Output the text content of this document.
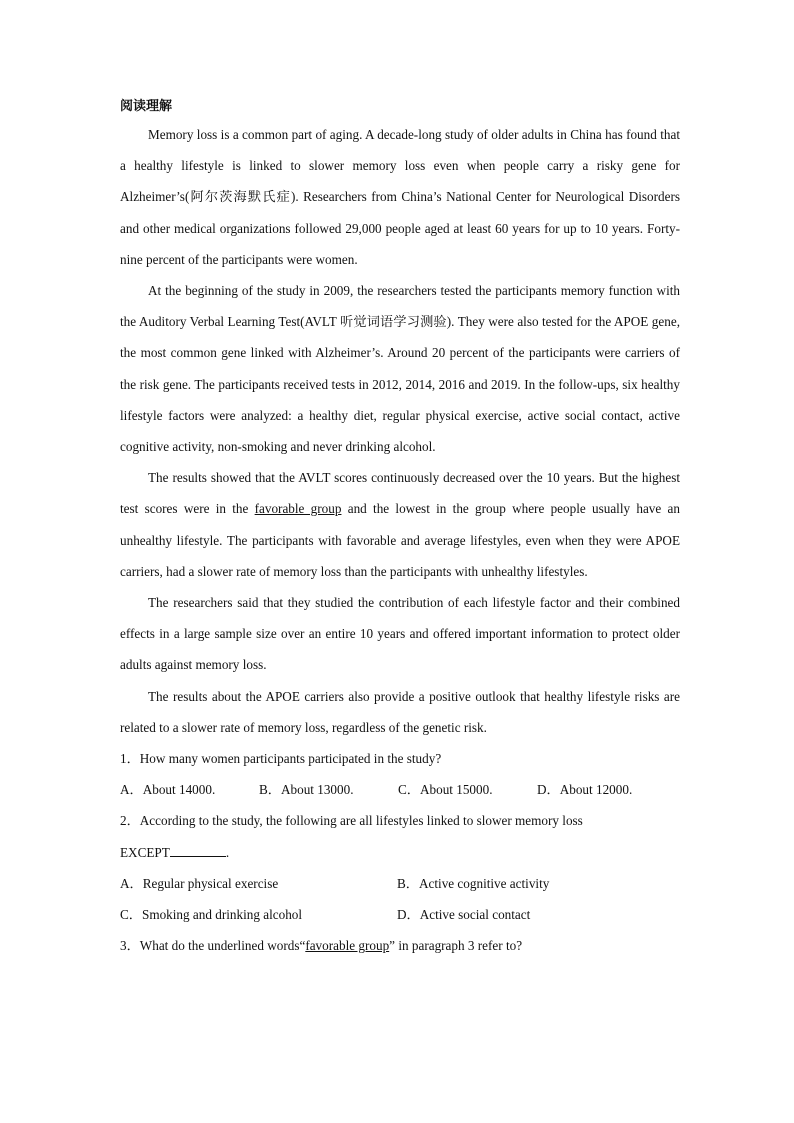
阅读理解

Memory loss is a common part of aging. A decade-long study of older adults in China has found that a healthy lifestyle is linked to slower memory loss even when people carry a risky gene for Alzheimer’s(阿尔茨海默氏症). Researchers from China’s National Center for Neurological Disorders and other medical organizations followed 29,000 people aged at least 60 years for up to 10 years. Forty-nine percent of the participants were women.

At the beginning of the study in 2009, the researchers tested the participants memory function with the Auditory Verbal Learning Test(AVLT 听觉词语学习测验). They were also tested for the APOE gene, the most common gene linked with Alzheimer’s. Around 20 percent of the participants were carriers of the risk gene. The participants received tests in 2012, 2014, 2016 and 2019. In the follow-ups, six healthy lifestyle factors were analyzed: a healthy diet, regular physical exercise, active social contact, active cognitive activity, non-smoking and never drinking alcohol.

The results showed that the AVLT scores continuously decreased over the 10 years. But the highest test scores were in the favorable group and the lowest in the group where people usually have an unhealthy lifestyle. The participants with favorable and average lifestyles, even when they were APOE carriers, had a slower rate of memory loss than the participants with unhealthy lifestyles.

The researchers said that they studied the contribution of each lifestyle factor and their combined effects in a large sample size over an entire 10 years and offered important information to protect older adults against memory loss.

The results about the APOE carriers also provide a positive outlook that healthy lifestyle risks are related to a slower rate of memory loss, regardless of the genetic risk.

1．How many women participants participated in the study?
A．About 14000.	B．About 13000.	C．About 15000.	D．About 12000.
2．According to the study, the following are all lifestyles linked to slower memory loss
EXCEPT	.
A．Regular physical exercise	B．Active cognitive activity
C．Smoking and drinking alcohol	D．Active social contact
3．What do the underlined words“favorable group” in paragraph 3 refer to?
